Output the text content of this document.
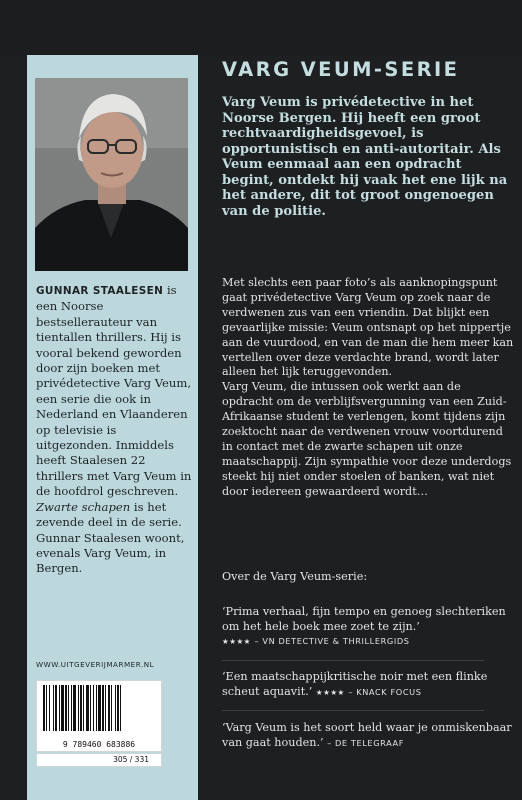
GUNNAR STAALESEN is een Noorse bestsellerauteur van tientallen thrillers. Hij is vooral bekend geworden door zijn boeken met privédetective Varg Veum, een serie die ook in Nederland en Vlaanderen op televisie is uitgezonden. Inmiddels heeft Staalesen 22 thrillers met Varg Veum in de hoofdrol geschreven. Zwarte schapen is het zevende deel in de serie. Gunnar Staalesen woont, evenals Varg Veum, in Bergen.
WWW.UITGEVERIJMARMER.NL
9 789460 683886
305 / 331
VARG VEUM-SERIE

Varg Veum is privédetective in het Noorse Bergen. Hij heeft een groot rechtvaardigheidsgevoel, is opportunistisch en anti-autoritair. Als Veum eenmaal aan een opdracht begint, ontdekt hij vaak het ene lijk na het andere, dit tot groot ongenoegen van de politie.

Met slechts een paar foto’s als aanknopingspunt gaat privédetective Varg Veum op zoek naar de verdwenen zus van een vriendin. Dat blijkt een gevaarlijke missie: Veum ontsnapt op het nippertje aan de vuurdood, en van de man die hem meer kan vertellen over deze verdachte brand, wordt later alleen het lijk teruggevonden.

Varg Veum, die intussen ook werkt aan de opdracht om de verblijfsvergunning van een Zuid-Afrikaanse student te verlengen, komt tijdens zijn zoektocht naar de verdwenen vrouw voortdurend in contact met de zwarte schapen uit onze maatschappij. Zijn sympathie voor deze underdogs steekt hij niet onder stoelen of banken, wat niet door iedereen gewaardeerd wordt…

Over de Varg Veum-serie:
‘Prima verhaal, fijn tempo en genoeg slechteriken om het hele boek mee zoet te zijn.’
★★★★ – VN DETECTIVE & THRILLERGIDS
‘Een maatschappijkritische noir met een flinke scheut aquavit.’ ★★★★ – KNACK FOCUS
‘Varg Veum is het soort held waar je onmiskenbaar van gaat houden.’ – DE TELEGRAAF
